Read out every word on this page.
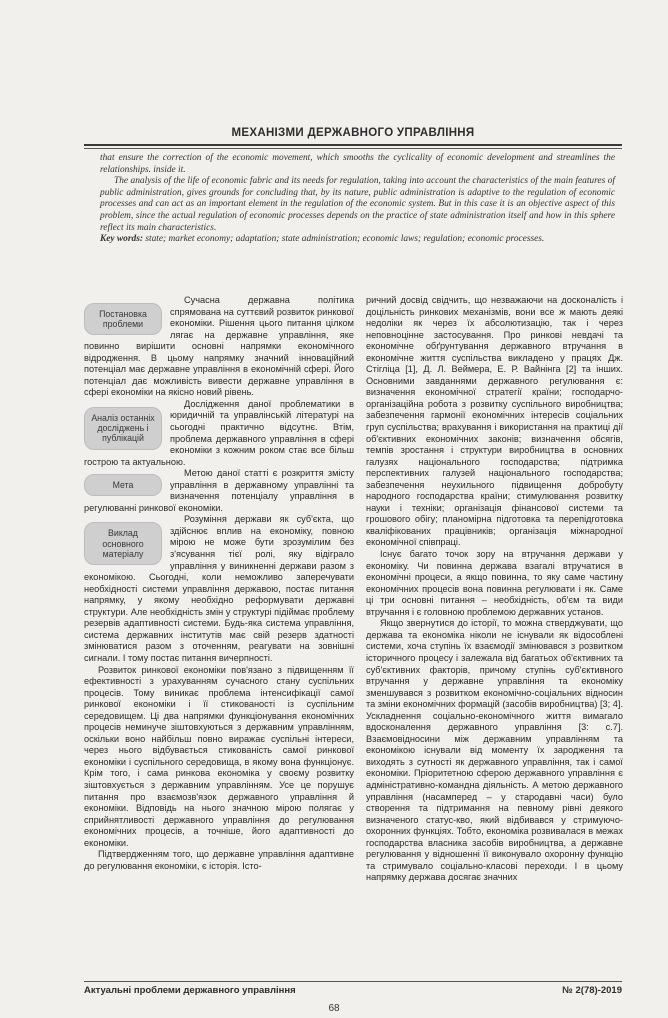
МЕХАНІЗМИ ДЕРЖАВНОГО УПРАВЛІННЯ

that ensure the correction of the economic movement, which smooths the cyclicality of economic development and streamlines the relationships. inside it.

The analysis of the life of economic fabric and its needs for regulation, taking into account the characteristics of the main features of public administration, gives grounds for concluding that, by its nature, public administration is adaptive to the regulation of economic processes and can act as an important element in the regulation of the economic system. But in this case it is an objective aspect of this problem, since the actual regulation of economic processes depends on the practice of state administration itself and how in this sphere reflect its main characteristics.

Key words: state; market economy; adaptation; state administration; economic laws; regulation; economic processes.

Постановка проблеми

Сучасна державна політика спрямована на суттєвий розвиток ринкової економіки. Рішення цього питання цілком лягає на державне управління, яке повинно вирішити основні напрямки економічного відродження. В цьому напрямку значний інноваційний потенціал має державне управління в економічній сфері. Його потенціал дає можливість вивести державне управління в сфері економіки на якісно новий рівень.

Аналіз останніх досліджень і публікацій

Дослідження даної проблематики в юридичній та управлінській літературі на сьогодні практично відсутнє. Втім, проблема державного управління в сфері економіки з кожним роком стає все більш гострою та актуальною.

Мета

Метою даної статті є розкриття змісту управління в державному управлінні та визначення потенціалу управління в регулюванні ринкової економіки.

Виклад основного матеріалу

Розуміння держави як суб'єкта, що здійснює вплив на економіку, повною мірою не може бути зрозумілим без з'ясування тієї ролі, яку відіграло управління у виникненні держави разом з економікою. Сьогодні, коли неможливо заперечувати необхідності системи управління державою, постає питання напрямку, у якому необхідно реформувати державні структури. Але необхідність змін у структурі підіймає проблему резервів адаптивності системи. Будь-яка система управління, система державних інститутів має свій резерв здатності змінюватися разом з оточенням, реагувати на зовнішні сигнали. І тому постає питання вичерпності.

Розвиток ринкової економіки пов'язано з підвищенням її ефективності з урахуванням сучасного стану суспільних процесів. Тому виникає проблема інтенсифікації самої ринкової економіки і її стикованості із суспільним середовищем. Ці два напрямки функціонування економічних процесів неминуче зіштовхуються з державним управлінням, оскільки воно найбільш повно виражає суспільні інтереси, через нього відбувається стикованість самої ринкової економіки і суспільного середовища, в якому вона функціонує. Крім того, і сама ринкова економіка у своєму розвитку зіштовхується з державним управлінням. Усе це порушує питання про взаємозв'язок державного управління й економіки. Відповідь на нього значною мірою полягає у сприйнятливості державного управління до регулювання економічних процесів, а точніше, його адаптивності до економіки.

Підтвердженням того, що державне управління адаптивне до регулювання економіки, є історія. Істо-

ричний досвід свідчить, що незважаючи на досконалість і доцільність ринкових механізмів, вони все ж мають деякі недоліки як через їх абсолютизацію, так і через неповноцінне застосування. Про ринкові невдачі та економічне обґрунтування державного втручання в економічне життя суспільства викладено у працях Дж. Стігліца [1], Д. Л. Веймера, Е. Р. Вайнінга [2] та інших. Основними завданнями державного регулювання є: визначення економічної стратегії країни; господарчо-організаційна робота з розвитку суспільного виробництва; забезпечення гармонії економічних інтересів соціальних груп суспільства; врахування і використання на практиці дії об'єктивних економічних законів; визначення обсягів, темпів зростання і структури виробництва в основних галузях національного господарства; підтримка перспективних галузей національного господарства; забезпечення неухильного підвищення добробуту народного господарства країни; стимулювання розвитку науки і техніки; організація фінансової системи та грошового обігу; планомірна підготовка та перепідготовка кваліфікованих працівників; організація міжнародної економічної співпраці.

Існує багато точок зору на втручання держави у економіку. Чи повинна держава взагалі втручатися в економічні процеси, а якщо повинна, то яку саме частину економічних процесів вона повинна регулювати і як. Саме ці три основні питання – необхідність, об'єм та види втручання і є головною проблемою державних установ.

Якщо звернутися до історії, то можна стверджувати, що держава та економіка ніколи не існували як відособлені системи, хоча ступінь їх взаємодії змінювався з розвитком історичного процесу і залежала від багатьох об'єктивних та суб'єктивних факторів, причому ступінь суб'єктивного втручання у державне управління та економіку зменшувався з розвитком економічно-соціальних відносин та зміни економічних формацій (засобів виробництва) [3; 4]. Ускладнення соціально-економічного життя вимагало вдосконалення державного управління [3: с.7]. Взаємовідносини між державним управлінням та економікою існували від моменту їх зародження та виходять з сутності як державного управління, так і самої економіки. Пріоритетною сферою державного управління є адміністративно-командна діяльність. А метою державного управління (насамперед – у стародавні часи) було створення та підтримання на певному рівні деякого визначеного статус-кво, який відбивався у стримуючо-охоронних функціях. Тобто, економіка розвивалася в межах господарства власника засобів виробництва, а державне регулювання у відношенні її виконувало охоронну функцію та стримувало соціально-класові переходи. І в цьому напрямку держава досягає значних

Актуальні проблеми державного управління	№ 2(78)-2019
68
